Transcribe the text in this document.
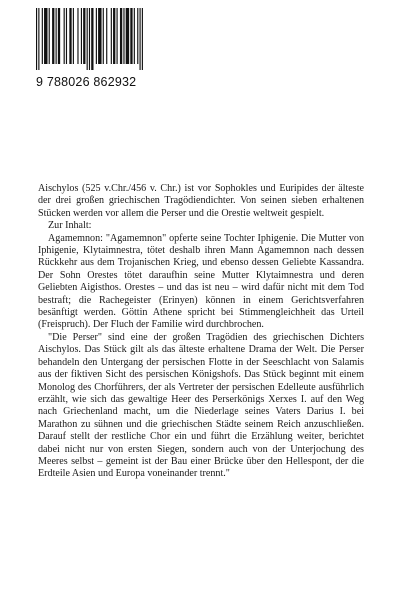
9 788026 862932

Aischylos (525 v.Chr./456 v. Chr.) ist vor Sophokles und Euripides der älteste der drei großen griechischen Tragödiendichter. Von seinen sieben erhaltenen Stücken werden vor allem die Perser und die Orestie weltweit gespielt.

Zur Inhalt:

Agamemnon: "Agamemnon" opferte seine Tochter Iphigenie. Die Mutter von Iphigenie, Klytaimnestra, tötet deshalb ihren Mann Agamemnon nach dessen Rückkehr aus dem Trojanischen Krieg, und ebenso dessen Geliebte Kassandra. Der Sohn Orestes tötet daraufhin seine Mutter Klytaimnestra und deren Geliebten Aigisthos. Orestes – und das ist neu – wird dafür nicht mit dem Tod bestraft; die Rachegeister (Erinyen) können in einem Gerichtsverfahren besänftigt werden. Göttin Athene spricht bei Stimmengleichheit das Urteil (Freispruch). Der Fluch der Familie wird durchbrochen.

"Die Perser" sind eine der großen Tragödien des griechischen Dichters Aischylos. Das Stück gilt als das älteste erhaltene Drama der Welt. Die Perser behandeln den Untergang der persischen Flotte in der Seeschlacht von Salamis aus der fiktiven Sicht des persischen Königshofs. Das Stück beginnt mit einem Monolog des Chorführers, der als Vertreter der persischen Edelleute ausführlich erzählt, wie sich das gewaltige Heer des Perserkönigs Xerxes I. auf den Weg nach Griechenland macht, um die Niederlage seines Vaters Darius I. bei Marathon zu sühnen und die griechischen Städte seinem Reich anzuschließen. Darauf stellt der restliche Chor ein und führt die Erzählung weiter, berichtet dabei nicht nur von ersten Siegen, sondern auch von der Unterjochung des Meeres selbst – gemeint ist der Bau einer Brücke über den Hellespont, der die Erdteile Asien und Europa voneinander trennt."
